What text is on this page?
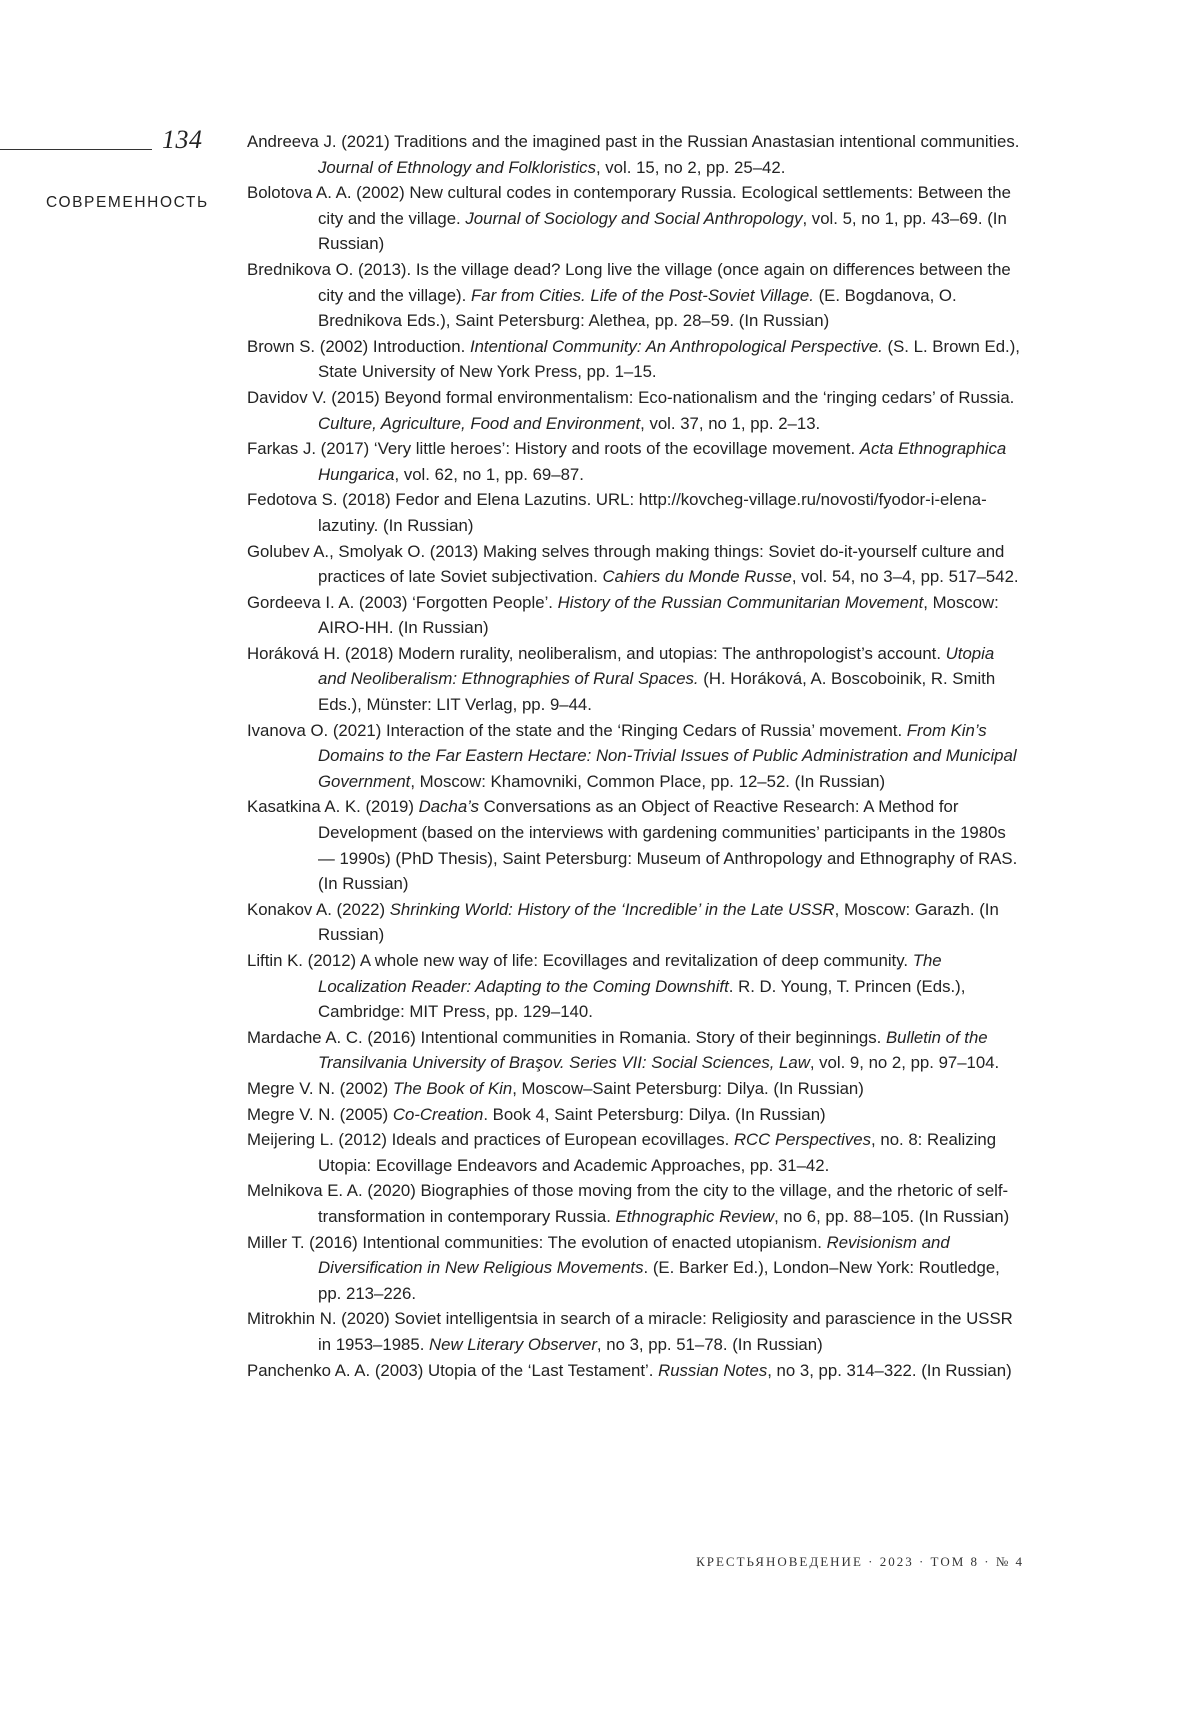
134
СОВРЕМЕННОСТЬ
Andreeva J. (2021) Traditions and the imagined past in the Russian Anastasian intentional communities. Journal of Ethnology and Folkloristics, vol. 15, no 2, pp. 25–42.
Bolotova A. A. (2002) New cultural codes in contemporary Russia. Ecological settlements: Between the city and the village. Journal of Sociology and Social Anthropology, vol. 5, no 1, pp. 43–69. (In Russian)
Brednikova O. (2013). Is the village dead? Long live the village (once again on differences between the city and the village). Far from Cities. Life of the Post-Soviet Village. (E. Bogdanova, O. Brednikova Eds.), Saint Petersburg: Alethea, pp. 28–59. (In Russian)
Brown S. (2002) Introduction. Intentional Community: An Anthropological Perspective. (S. L. Brown Ed.), State University of New York Press, pp. 1–15.
Davidov V. (2015) Beyond formal environmentalism: Eco-nationalism and the ‘ringing cedars’ of Russia. Culture, Agriculture, Food and Environment, vol. 37, no 1, pp. 2–13.
Farkas J. (2017) ‘Very little heroes’: History and roots of the ecovillage movement. Acta Ethnographica Hungarica, vol. 62, no 1, pp. 69–87.
Fedotova S. (2018) Fedor and Elena Lazutins. URL: http://kovcheg-village.ru/novosti/fyodor-i-elena-lazutiny. (In Russian)
Golubev A., Smolyak O. (2013) Making selves through making things: Soviet do-it-yourself culture and practices of late Soviet subjectivation. Cahiers du Monde Russe, vol. 54, no 3–4, pp. 517–542.
Gordeeva I. A. (2003) ‘Forgotten People’. History of the Russian Communitarian Movement, Moscow: AIRO-HH. (In Russian)
Horáková H. (2018) Modern rurality, neoliberalism, and utopias: The anthropologist’s account. Utopia and Neoliberalism: Ethnographies of Rural Spaces. (H. Horáková, A. Boscoboinik, R. Smith Eds.), Münster: LIT Verlag, pp. 9–44.
Ivanova O. (2021) Interaction of the state and the ‘Ringing Cedars of Russia’ movement. From Kin’s Domains to the Far Eastern Hectare: Non-Trivial Issues of Public Administration and Municipal Government, Moscow: Khamovniki, Common Place, pp. 12–52. (In Russian)
Kasatkina A. K. (2019) Dacha’s Conversations as an Object of Reactive Research: A Method for Development (based on the interviews with gardening communities’ participants in the 1980s — 1990s) (PhD Thesis), Saint Petersburg: Museum of Anthropology and Ethnography of RAS. (In Russian)
Konakov A. (2022) Shrinking World: History of the ‘Incredible’ in the Late USSR, Moscow: Garazh. (In Russian)
Liftin K. (2012) A whole new way of life: Ecovillages and revitalization of deep community. The Localization Reader: Adapting to the Coming Downshift. R. D. Young, T. Princen (Eds.), Cambridge: MIT Press, pp. 129–140.
Mardache A. C. (2016) Intentional communities in Romania. Story of their beginnings. Bulletin of the Transilvania University of Braşov. Series VII: Social Sciences, Law, vol. 9, no 2, pp. 97–104.
Megre V. N. (2002) The Book of Kin, Moscow–Saint Petersburg: Dilya. (In Russian)
Megre V. N. (2005) Co-Creation. Book 4, Saint Petersburg: Dilya. (In Russian)
Meijering L. (2012) Ideals and practices of European ecovillages. RCC Perspectives, no. 8: Realizing Utopia: Ecovillage Endeavors and Academic Approaches, pp. 31–42.
Melnikova E. A. (2020) Biographies of those moving from the city to the village, and the rhetoric of self-transformation in contemporary Russia. Ethnographic Review, no 6, pp. 88–105. (In Russian)
Miller T. (2016) Intentional communities: The evolution of enacted utopianism. Revisionism and Diversification in New Religious Movements. (E. Barker Ed.), London–New York: Routledge, pp. 213–226.
Mitrokhin N. (2020) Soviet intelligentsia in search of a miracle: Religiosity and parascience in the USSR in 1953–1985. New Literary Observer, no 3, pp. 51–78. (In Russian)
Panchenko A. A. (2003) Utopia of the ‘Last Testament’. Russian Notes, no 3, pp. 314–322. (In Russian)
КРЕСТЬЯНОВЕДЕНИЕ · 2023 · ТОМ 8 · № 4
